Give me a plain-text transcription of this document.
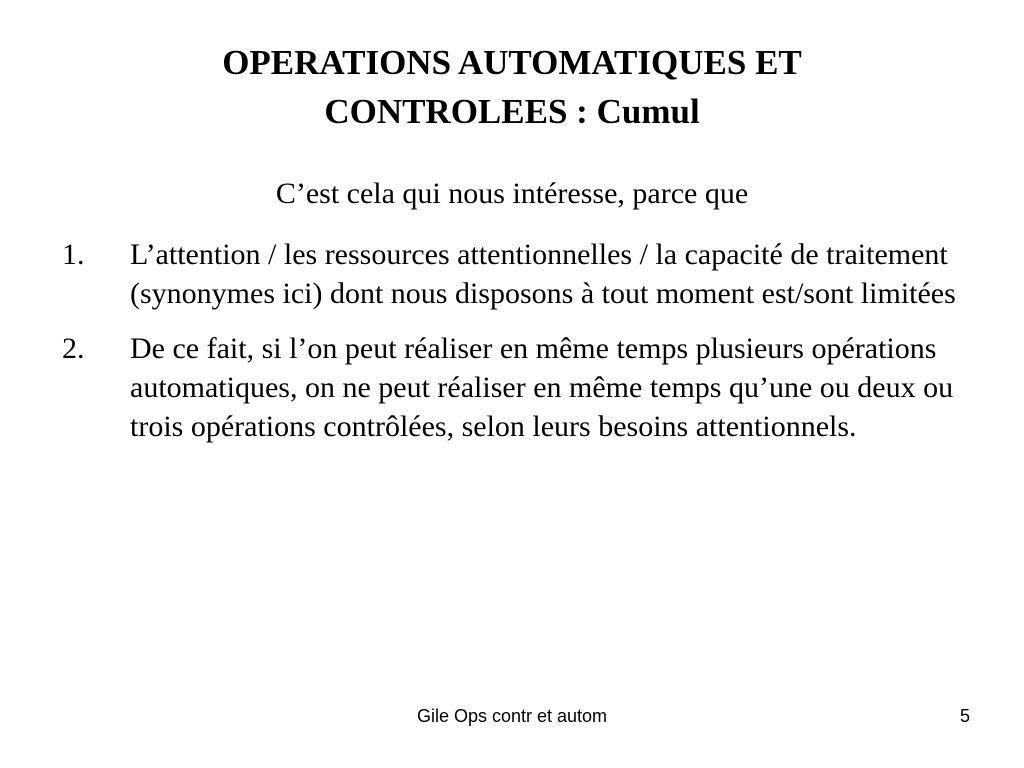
OPERATIONS AUTOMATIQUES ET
CONTROLEES : Cumul
C’est cela qui nous intéresse, parce que
1. L’attention / les ressources attentionnelles / la capacité de traitement (synonymes ici) dont nous disposons à tout moment est/sont limitées
2. De ce fait, si l’on peut réaliser en même temps plusieurs opérations automatiques, on ne peut réaliser en même temps qu’une ou deux ou trois opérations contrôlées, selon leurs besoins attentionnels.
Gile Ops contr et autom	5
